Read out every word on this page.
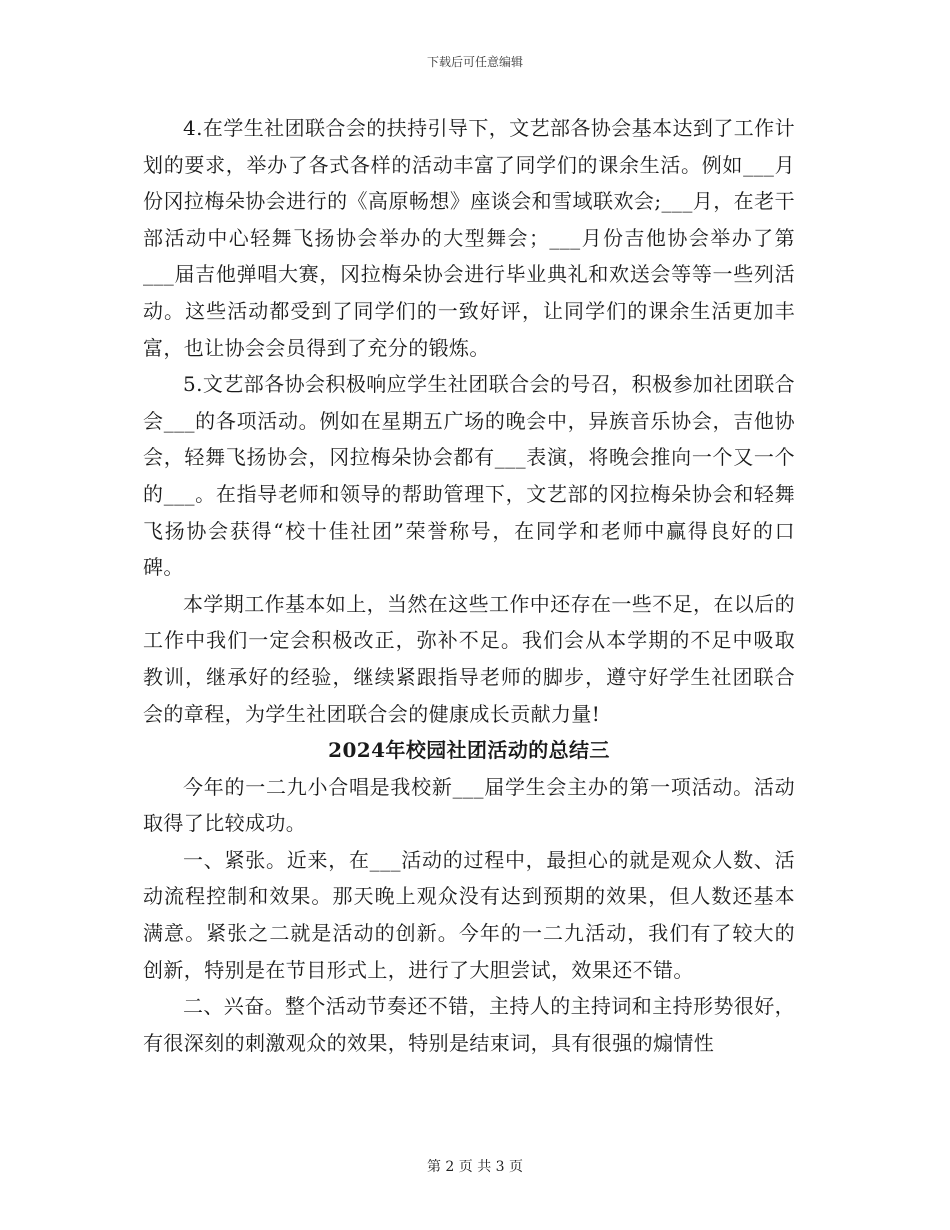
下载后可任意编辑

4.在学生社团联合会的扶持引导下，文艺部各协会基本达到了工作计划的要求，举办了各式各样的活动丰富了同学们的课余生活。例如___月份冈拉梅朵协会进行的《高原畅想》座谈会和雪域联欢会;___月，在老干部活动中心轻舞飞扬协会举办的大型舞会；___月份吉他协会举办了第___届吉他弹唱大赛，冈拉梅朵协会进行毕业典礼和欢送会等等一些列活动。这些活动都受到了同学们的一致好评，让同学们的课余生活更加丰富，也让协会会员得到了充分的锻炼。

5.文艺部各协会积极响应学生社团联合会的号召，积极参加社团联合会___的各项活动。例如在星期五广场的晚会中，异族音乐协会，吉他协会，轻舞飞扬协会，冈拉梅朵协会都有___表演，将晚会推向一个又一个的___。在指导老师和领导的帮助管理下，文艺部的冈拉梅朵协会和轻舞飞扬协会获得“校十佳社团”荣誉称号，在同学和老师中赢得良好的口碑。

本学期工作基本如上，当然在这些工作中还存在一些不足，在以后的工作中我们一定会积极改正，弥补不足。我们会从本学期的不足中吸取教训，继承好的经验，继续紧跟指导老师的脚步，遵守好学生社团联合会的章程，为学生社团联合会的健康成长贡献力量!

2024年校园社团活动的总结三

今年的一二九小合唱是我校新___届学生会主办的第一项活动。活动取得了比较成功。

一、紧张。近来，在___活动的过程中，最担心的就是观众人数、活动流程控制和效果。那天晚上观众没有达到预期的效果，但人数还基本满意。紧张之二就是活动的创新。今年的一二九活动，我们有了较大的创新，特别是在节目形式上，进行了大胆尝试，效果还不错。

二、兴奋。整个活动节奏还不错，主持人的主持词和主持形势很好，有很深刻的刺激观众的效果，特别是结束词，具有很强的煽情性

第 2 页 共 3 页
